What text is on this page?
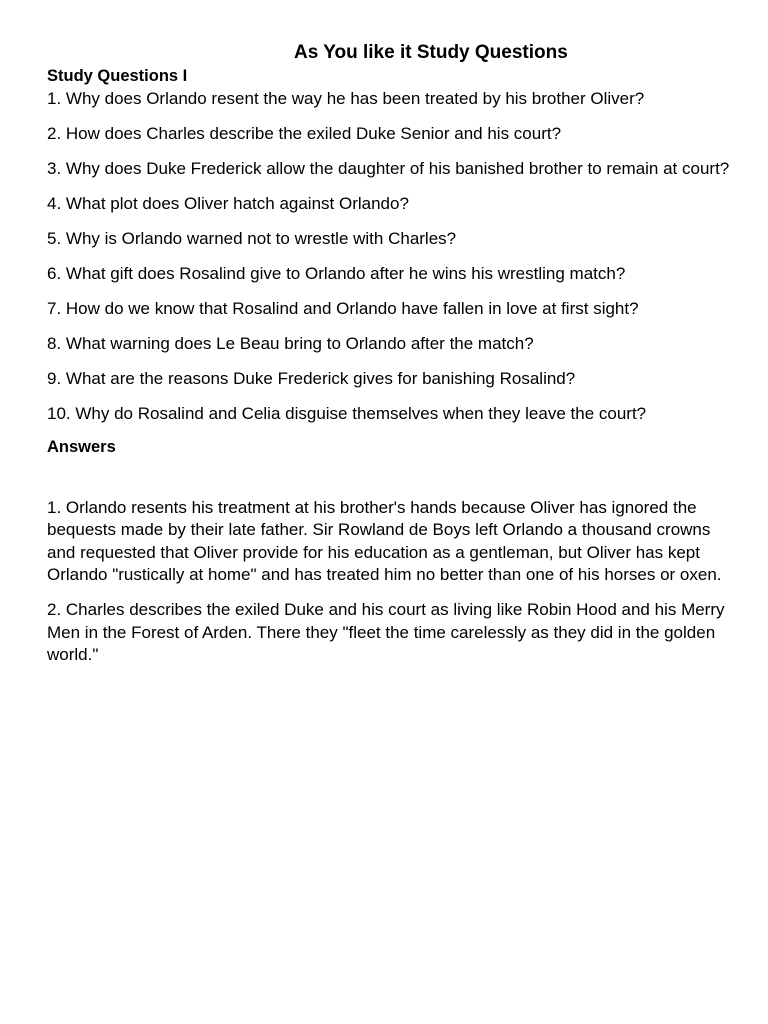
As You like it Study Questions

Study Questions I

1. Why does Orlando resent the way he has been treated by his brother Oliver?

2. How does Charles describe the exiled Duke Senior and his court?

3. Why does Duke Frederick allow the daughter of his banished brother to remain at court?

4. What plot does Oliver hatch against Orlando?

5. Why is Orlando warned not to wrestle with Charles?

6. What gift does Rosalind give to Orlando after he wins his wrestling match?

7. How do we know that Rosalind and Orlando have fallen in love at first sight?

8. What warning does Le Beau bring to Orlando after the match?

9. What are the reasons Duke Frederick gives for banishing Rosalind?

10. Why do Rosalind and Celia disguise themselves when they leave the court?

Answers

1. Orlando resents his treatment at his brother's hands because Oliver has ignored the bequests made by their late father. Sir Rowland de Boys left Orlando a thousand crowns and requested that Oliver provide for his education as a gentleman, but Oliver has kept Orlando "rustically at home" and has treated him no better than one of his horses or oxen.

2. Charles describes the exiled Duke and his court as living like Robin Hood and his Merry Men in the Forest of Arden. There they "fleet the time carelessly as they did in the golden world."
